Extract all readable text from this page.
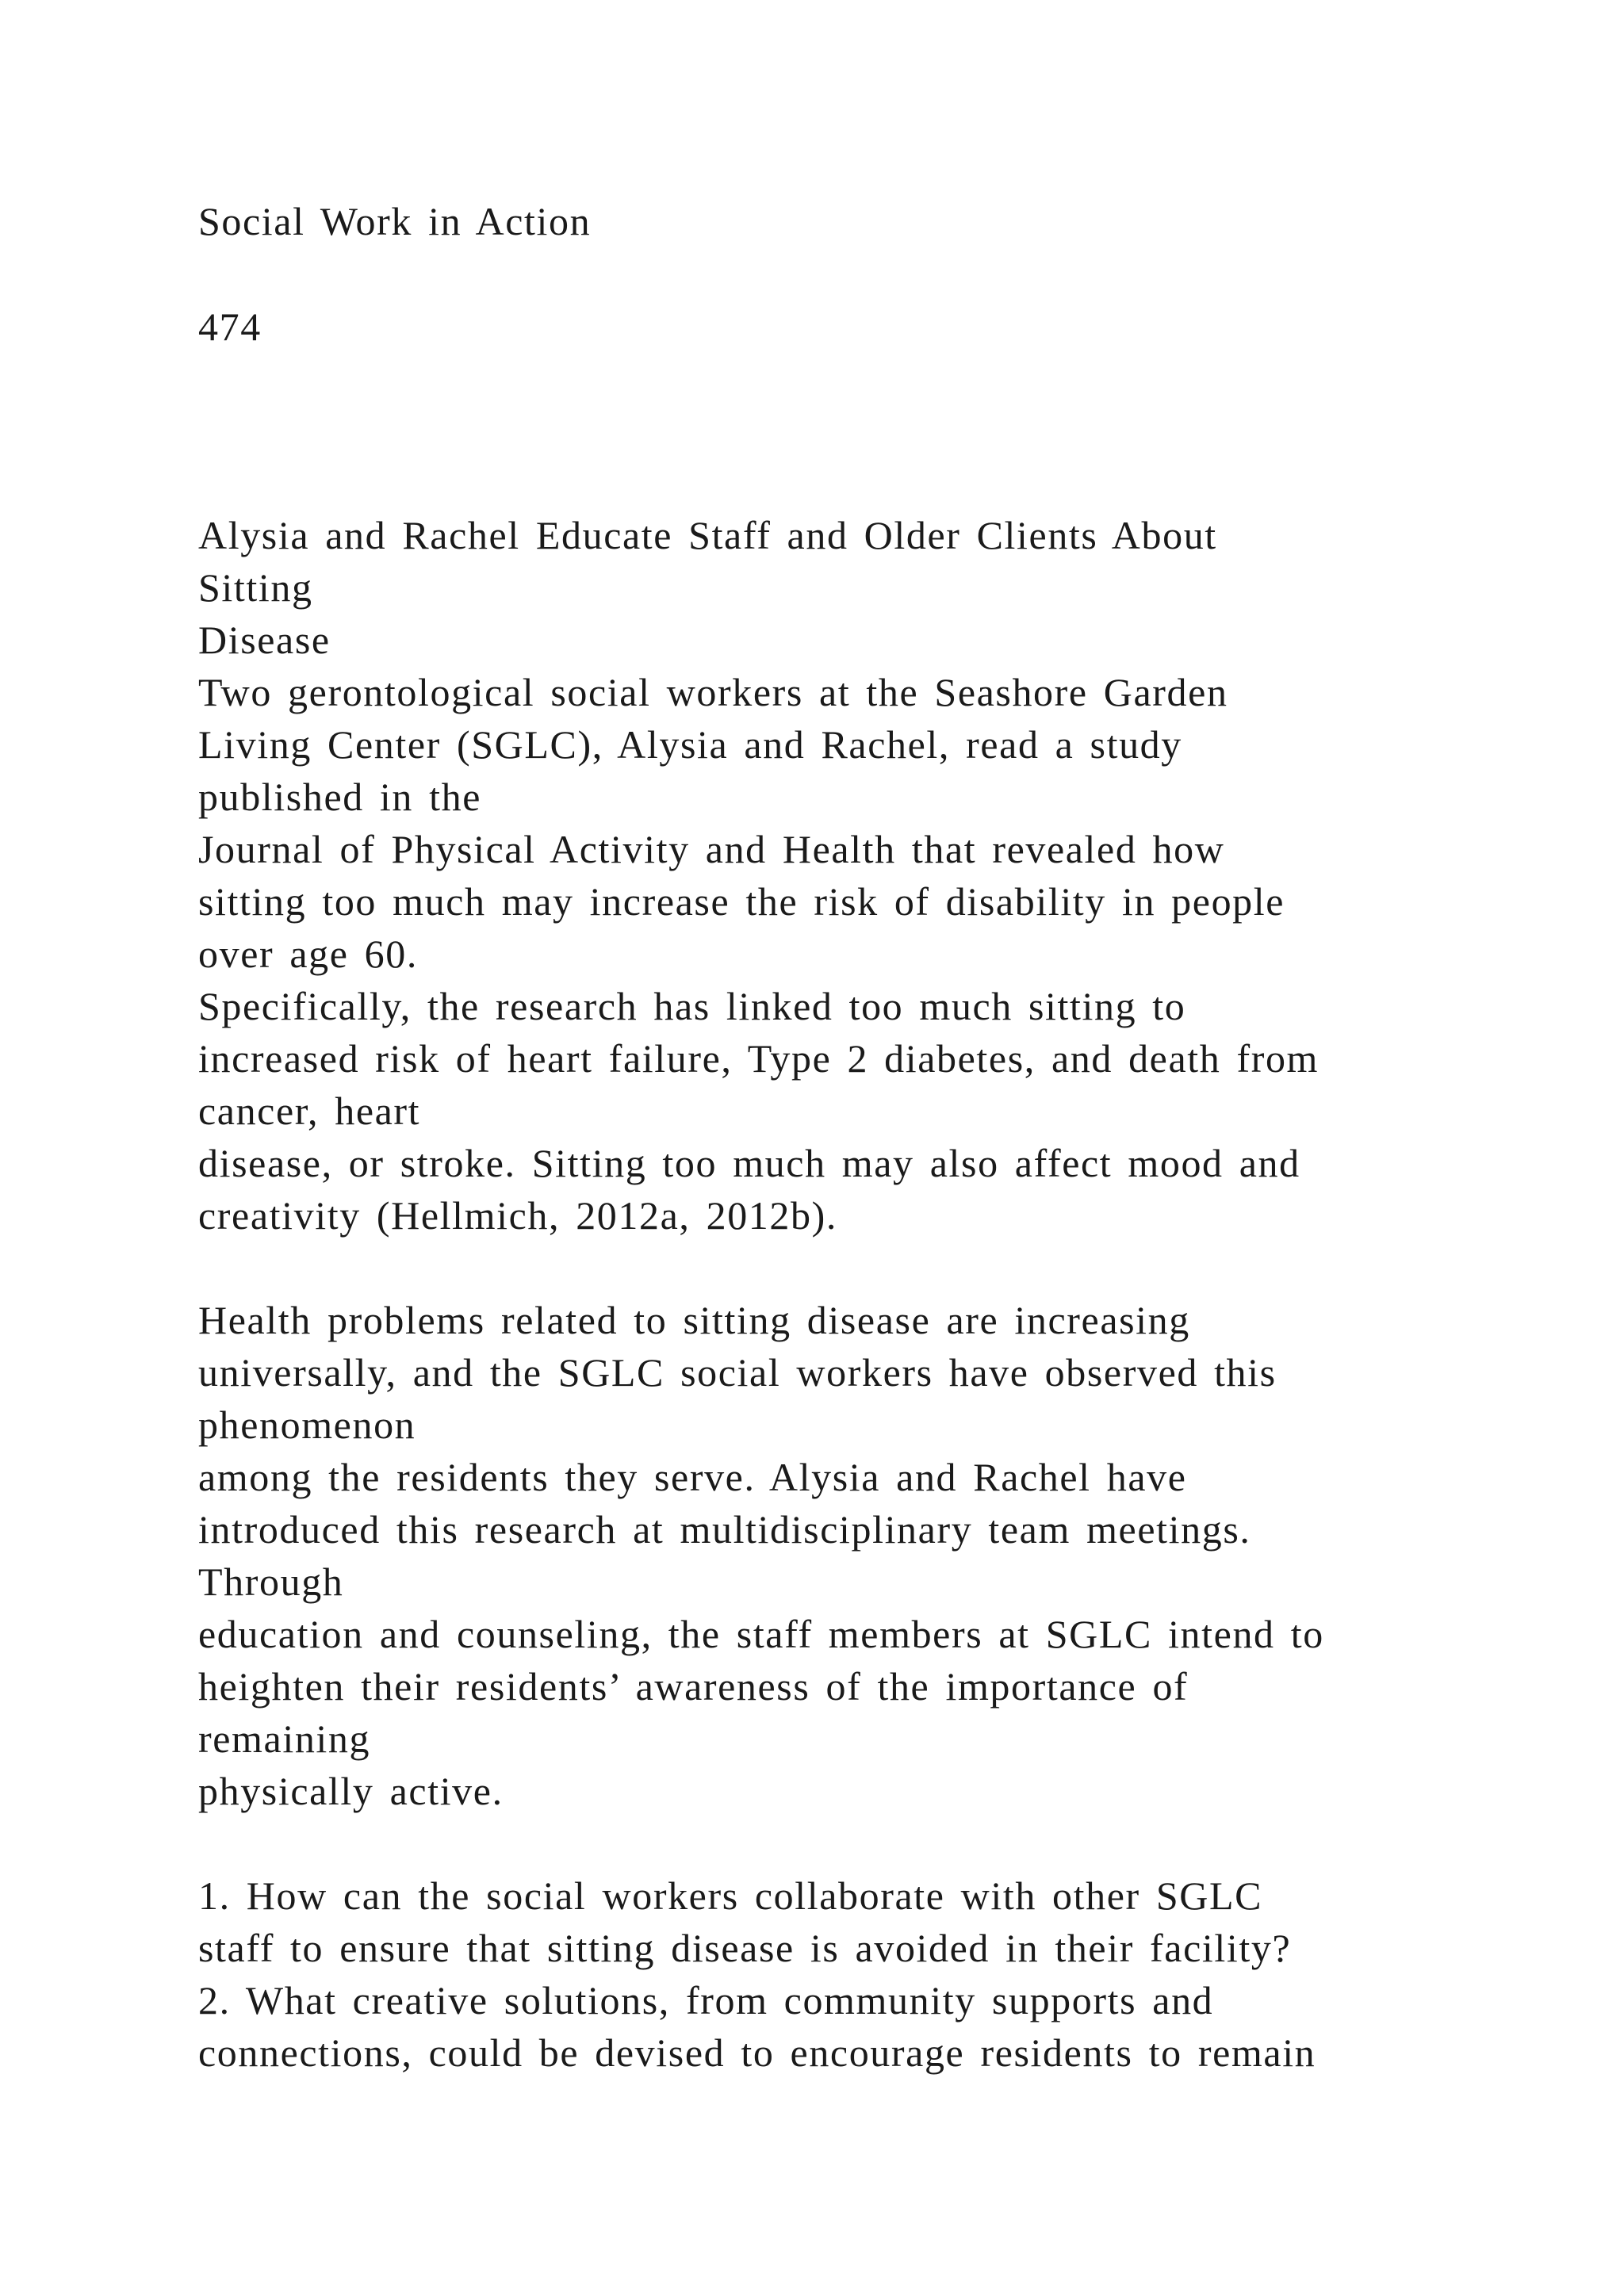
Social Work in Action

474

Alysia and Rachel Educate Staff and Older Clients About

Sitting

Disease

Two gerontological social workers at the Seashore Garden

Living Center (SGLC), Alysia and Rachel, read a study

published in the

Journal of Physical Activity and Health that revealed how

sitting too much may increase the risk of disability in people

over age 60.

Specifically, the research has linked too much sitting to

increased risk of heart failure, Type 2 diabetes, and death from

cancer, heart

disease, or stroke. Sitting too much may also affect mood and

creativity (Hellmich, 2012a, 2012b).

Health problems related to sitting disease are increasing

universally, and the SGLC social workers have observed this

phenomenon

among the residents they serve. Alysia and Rachel have

introduced this research at multidisciplinary team meetings.

Through

education and counseling, the staff members at SGLC intend to

heighten their residents’ awareness of the importance of

remaining

physically active.

1. How can the social workers collaborate with other SGLC

staff to ensure that sitting disease is avoided in their facility?

2. What creative solutions, from community supports and

connections, could be devised to encourage residents to remain
